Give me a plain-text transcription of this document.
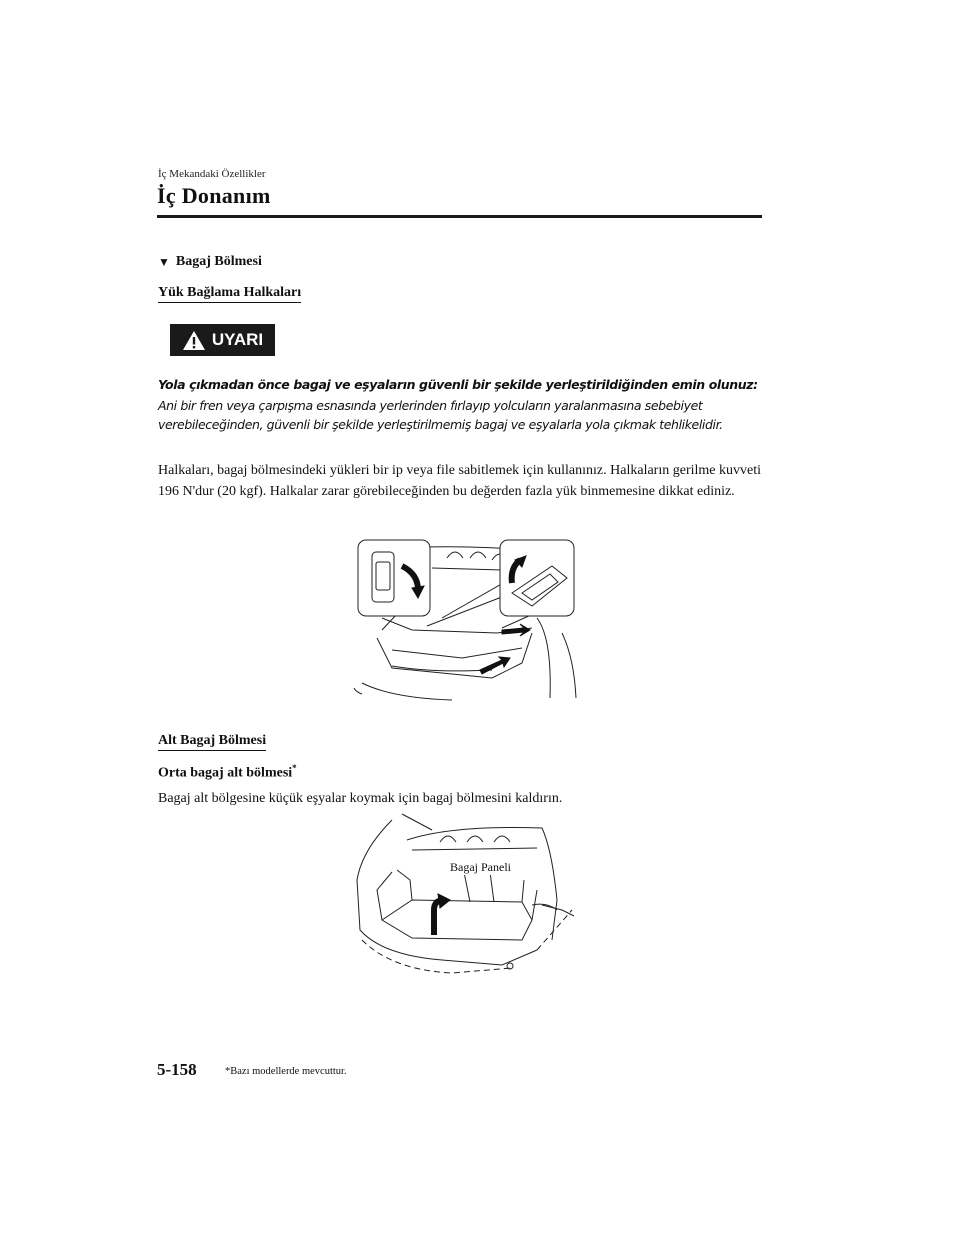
İç Mekandaki Özellikler
İç Donanım
▼ Bagaj Bölmesi
Yük Bağlama Halkaları
UYARI
Yola çıkmadan önce bagaj ve eşyaların güvenli bir şekilde yerleştirildiğinden emin olunuz:
Ani bir fren veya çarpışma esnasında yerlerinden fırlayıp yolcuların yaralanmasına sebebiyet verebileceğinden, güvenli bir şekilde yerleştirilmemiş bagaj ve eşyalarla yola çıkmak tehlikelidir.
Halkaları, bagaj bölmesindeki yükleri bir ip veya file sabitlemek için kullanınız. Halkaların gerilme kuvveti 196 N'dur (20 kgf). Halkalar zarar görebileceğinden bu değerden fazla yük binmemesine dikkat ediniz.
Alt Bagaj Bölmesi
Orta bagaj alt bölmesi*
Bagaj alt bölgesine küçük eşyalar koymak için bagaj bölmesini kaldırın.
Bagaj Paneli
5-158	*Bazı modellerde mevcuttur.
